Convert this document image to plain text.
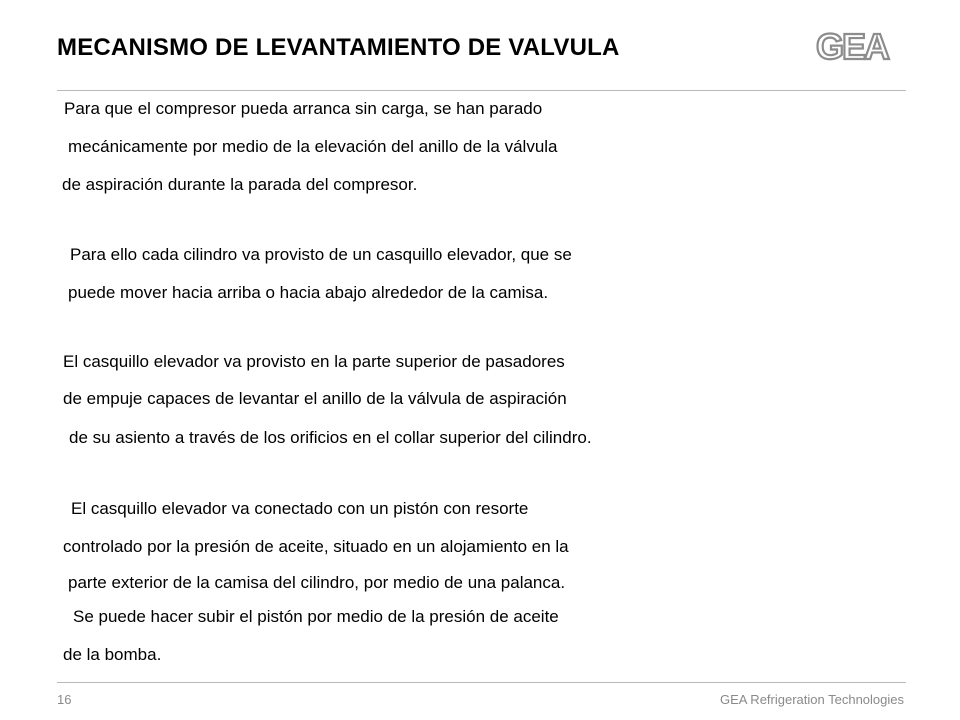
MECANISMO DE LEVANTAMIENTO DE VALVULA	GEA
Para que el compresor pueda arranca sin carga, se han parado
mecánicamente por medio de la elevación del anillo de la válvula
de aspiración durante la parada del compresor.
Para ello cada cilindro va provisto de un casquillo elevador, que se
puede mover hacia arriba o hacia abajo alrededor de la camisa.
El casquillo elevador va provisto en la parte superior de pasadores
de empuje capaces de levantar el anillo de la válvula de aspiración
de su asiento a través de los orificios en el collar superior del cilindro.
El casquillo elevador va conectado con un pistón con resorte
controlado por la presión de aceite, situado en un alojamiento en la
parte exterior de la camisa del cilindro, por medio de una palanca.
Se puede hacer subir el pistón por medio de la presión de aceite
de la bomba.
16	GEA Refrigeration Technologies
